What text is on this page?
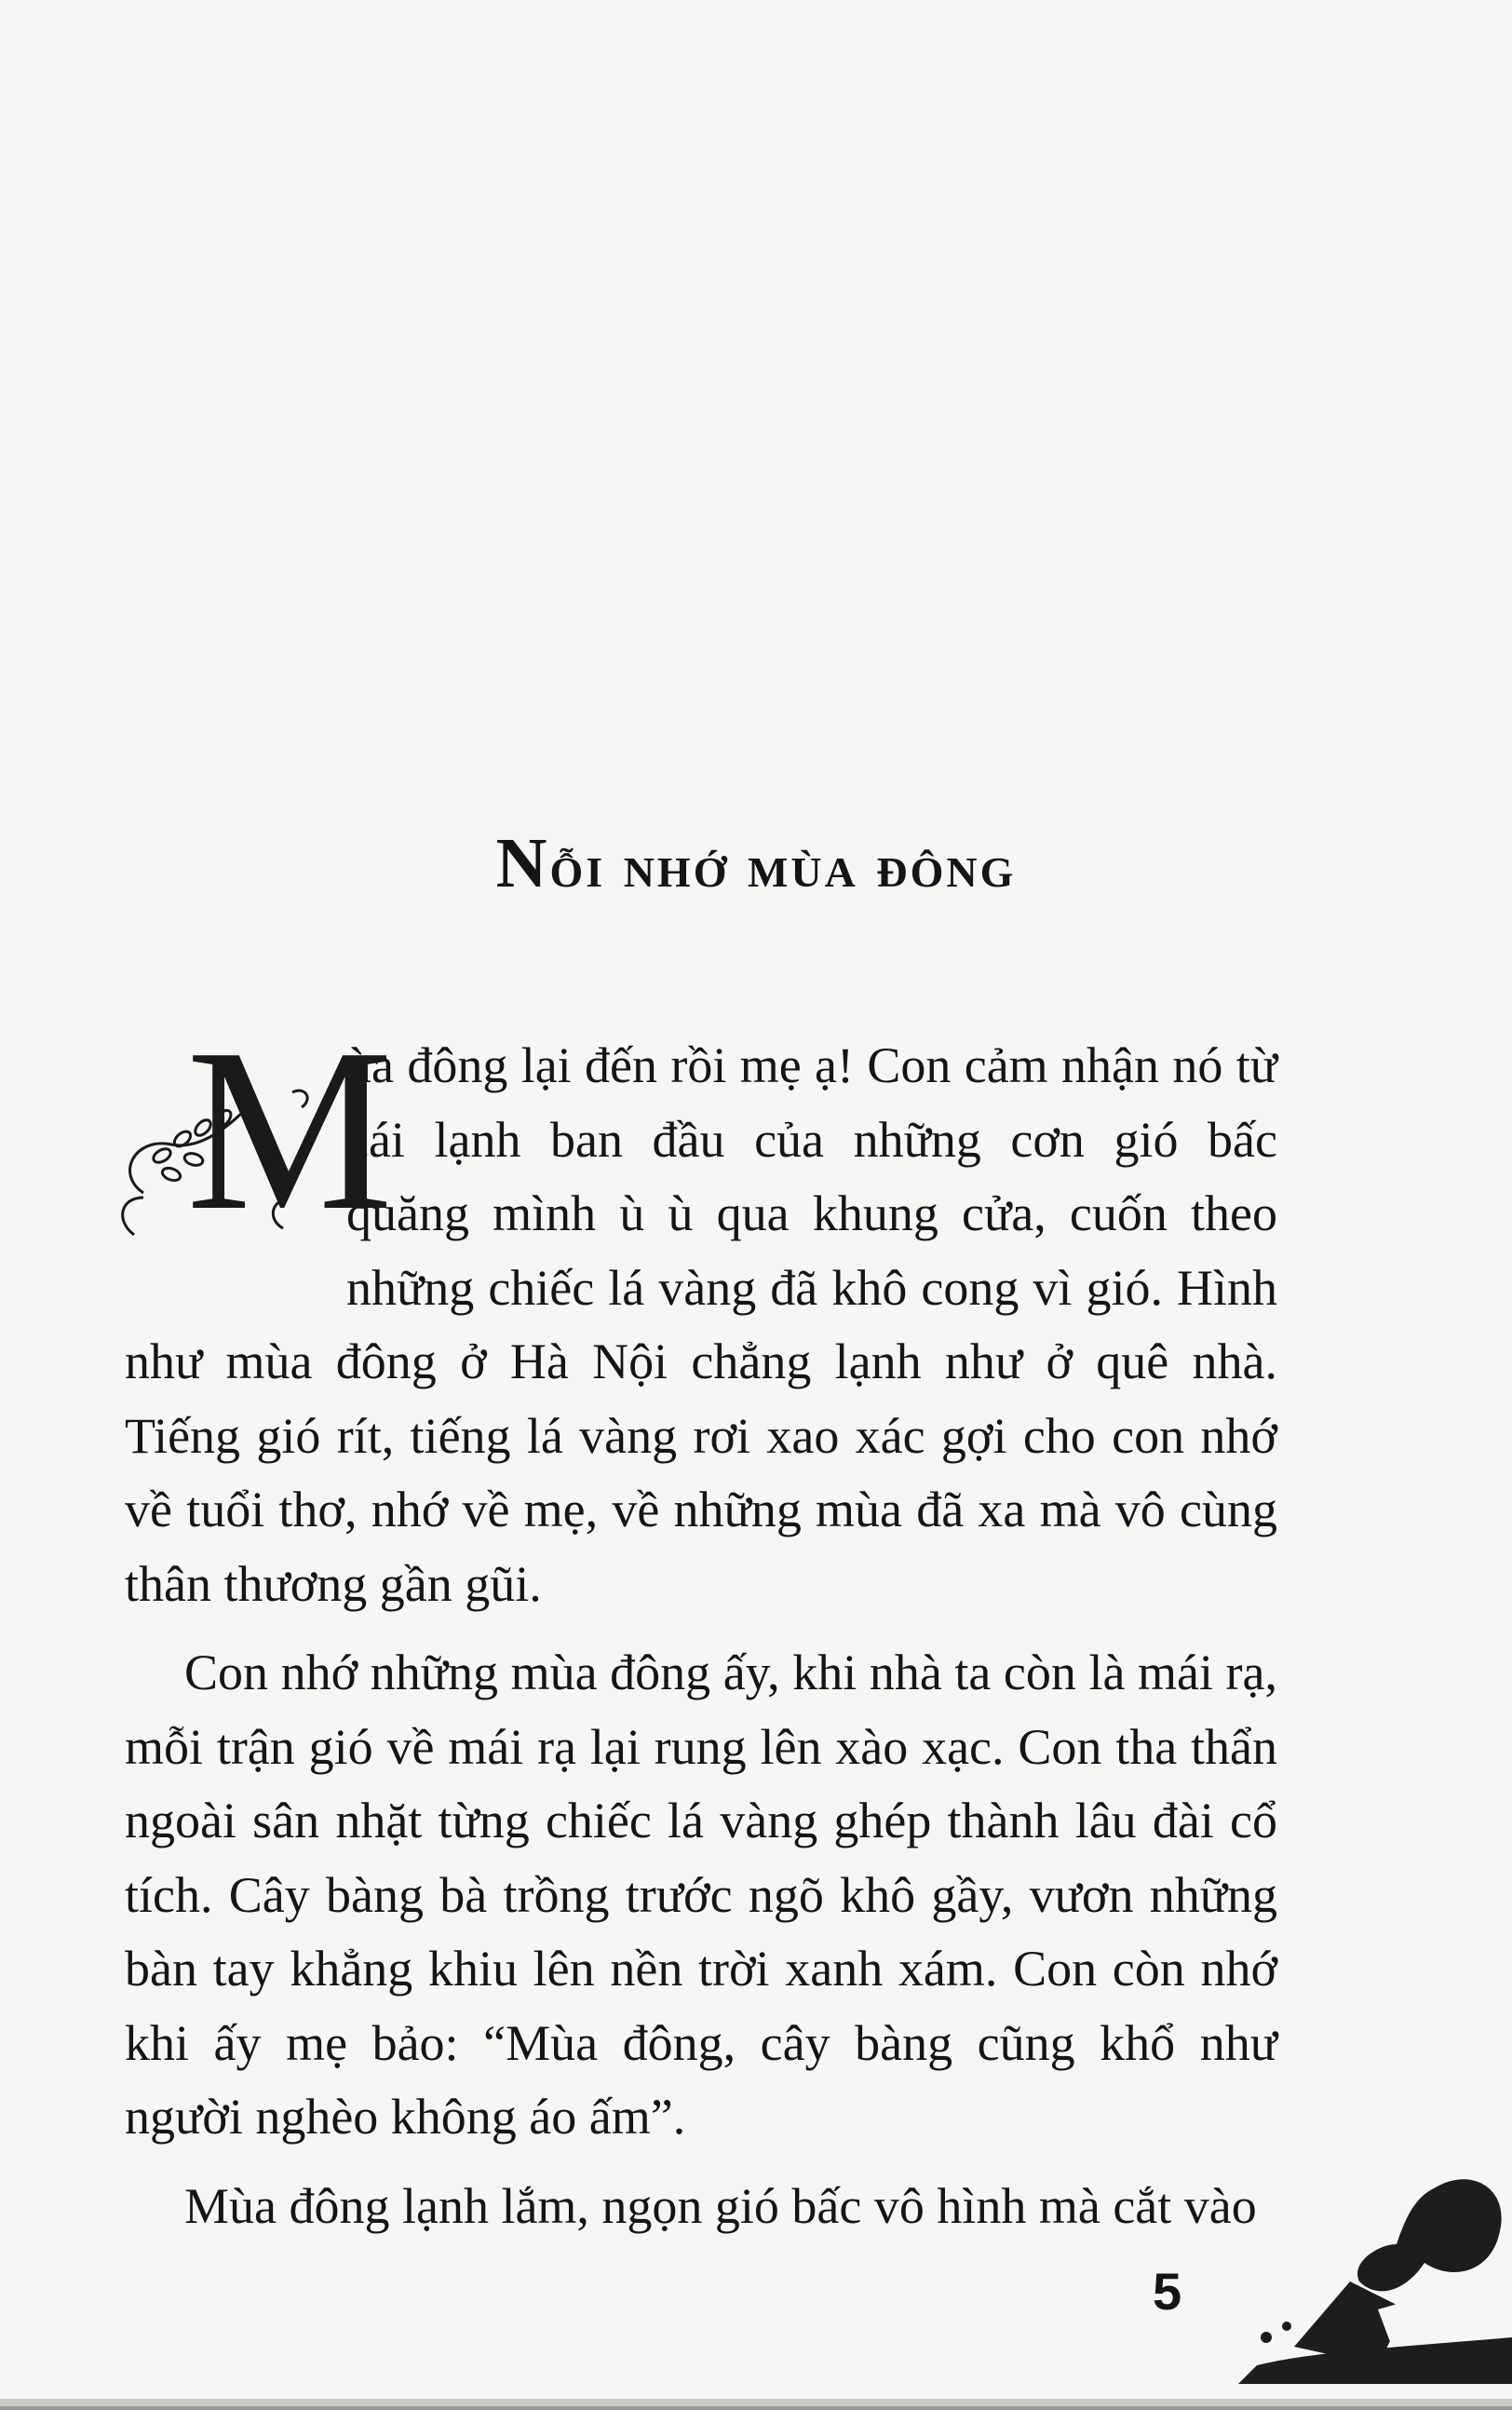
Nỗi nhớ mùa đông

M
ùa đông lại đến rồi mẹ ạ! Con cảm nhận nó từ cái lạnh ban đầu của những cơn gió bấc quăng mình ù ù qua khung cửa, cuốn theo những chiếc lá vàng đã khô cong vì gió. Hình như mùa đông ở Hà Nội chẳng lạnh như ở quê nhà. Tiếng gió rít, tiếng lá vàng rơi xao xác gợi cho con nhớ về tuổi thơ, nhớ về mẹ, về những mùa đã xa mà vô cùng thân thương gần gũi.

Con nhớ những mùa đông ấy, khi nhà ta còn là mái rạ, mỗi trận gió về mái rạ lại rung lên xào xạc. Con tha thẩn ngoài sân nhặt từng chiếc lá vàng ghép thành lâu đài cổ tích. Cây bàng bà trồng trước ngõ khô gầy, vươn những bàn tay khẳng khiu lên nền trời xanh xám. Con còn nhớ khi ấy mẹ bảo: “Mùa đông, cây bàng cũng khổ như người nghèo không áo ấm”.

Mùa đông lạnh lắm, ngọn gió bấc vô hình mà cắt vào

5
